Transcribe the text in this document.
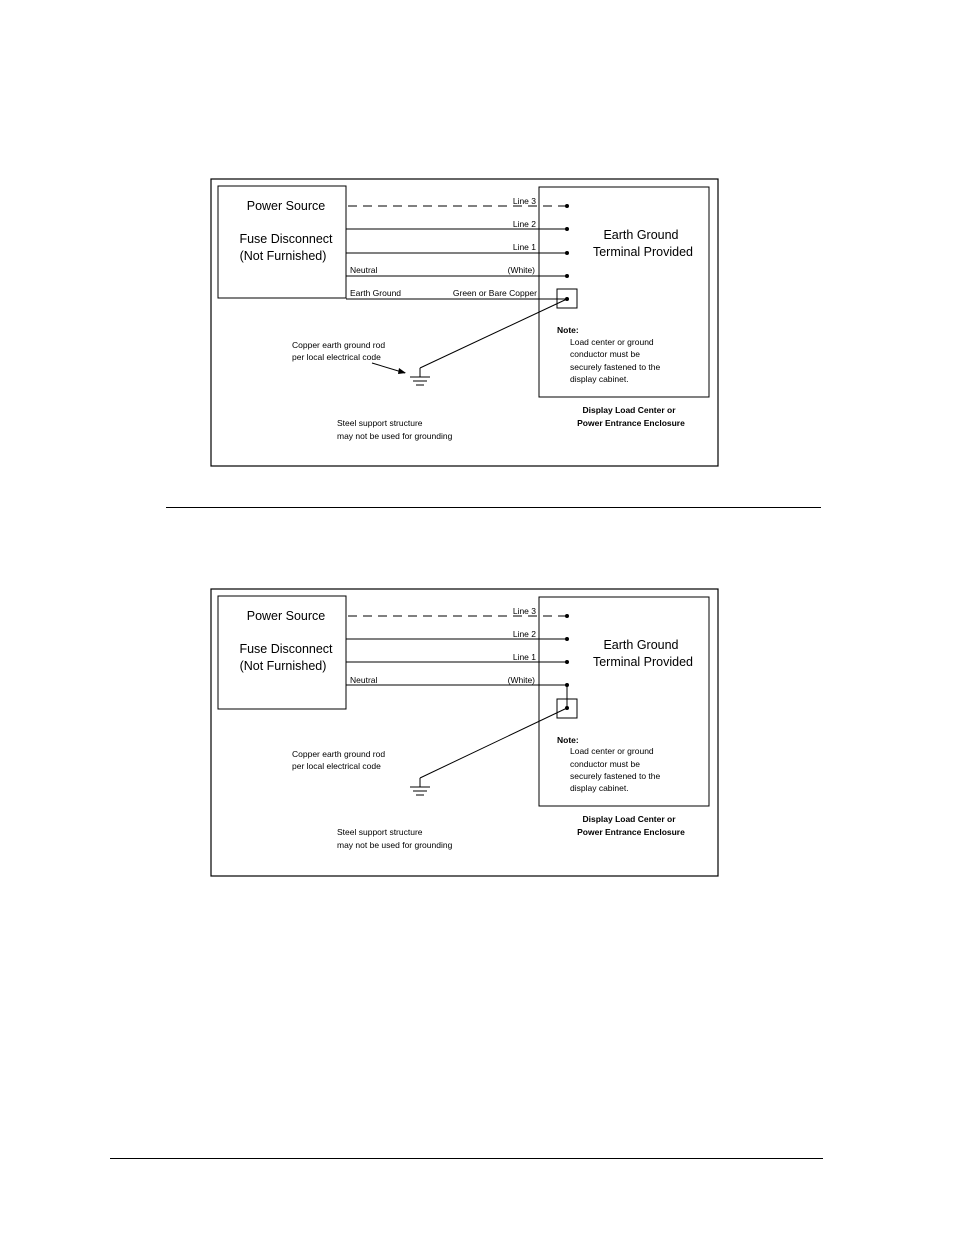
Power Source
Fuse Disconnect
(Not Furnished)
Line 3
Line 2
Line 1
Neutral	(White)
Earth Ground	Green or Bare Copper
Earth Ground
Terminal Provided
Note:
Load center or ground
conductor must be
securely fastened to the
display cabinet.
Copper earth ground rod
per local electrical code
Steel support structure
may not be used for grounding
Display Load Center or
Power Entrance Enclosure
Power Source
Fuse Disconnect
(Not Furnished)
Line 3
Line 2
Line 1
Neutral	(White)
Earth Ground
Terminal Provided
Note:
Load center or ground
conductor must be
securely fastened to the
display cabinet.
Copper earth ground rod
per local electrical code
Steel support structure
may not be used for grounding
Display Load Center or
Power Entrance Enclosure
